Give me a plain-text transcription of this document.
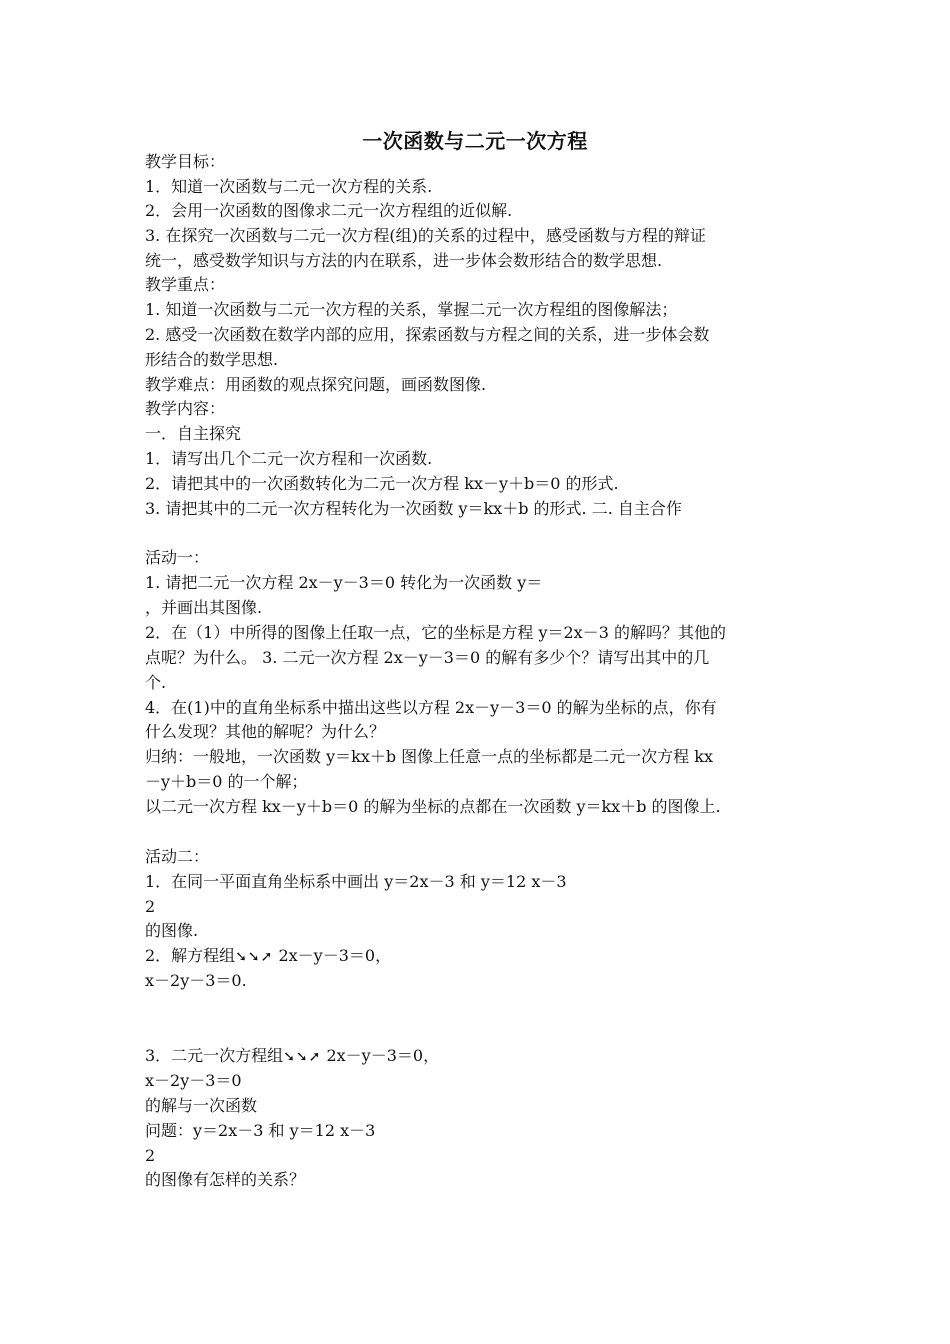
一次函数与二元一次方程
教学目标：
1．知道一次函数与二元一次方程的关系.
2．会用一次函数的图像求二元一次方程组的近似解.
3. 在探究一次函数与二元一次方程(组)的关系的过程中，感受函数与方程的辩证
统一，感受数学知识与方法的内在联系，进一步体会数形结合的数学思想.
教学重点：
1. 知道一次函数与二元一次方程的关系，掌握二元一次方程组的图像解法；
2. 感受一次函数在数学内部的应用，探索函数与方程之间的关系，进一步体会数
形结合的数学思想.
教学难点：用函数的观点探究问题，画函数图像.
教学内容：
一．自主探究
1．请写出几个二元一次方程和一次函数.
2．请把其中的一次函数转化为二元一次方程 kx－y＋b＝0 的形式.
3. 请把其中的二元一次方程转化为一次函数 y＝kx＋b 的形式. 二. 自主合作
活动一：
1. 请把二元一次方程 2x－y－3＝0 转化为一次函数 y＝
，并画出其图像.
2．在（1）中所得的图像上任取一点，它的坐标是方程 y＝2x－3 的解吗？其他的
点呢？为什么。 3. 二元一次方程 2x－y－3＝0 的解有多少个？请写出其中的几
个.
4．在(1)中的直角坐标系中描出这些以方程 2x－y－3＝0 的解为坐标的点，你有
什么发现？其他的解呢？为什么？
归纳：一般地，一次函数 y＝kx＋b 图像上任意一点的坐标都是二元一次方程 kx
－y＋b＝0 的一个解；
以二元一次方程 kx－y＋b＝0 的解为坐标的点都在一次函数 y＝kx＋b 的图像上.
活动二：
1．在同一平面直角坐标系中画出 y＝2x－3 和 y＝12 x－3
2
的图像.
2．解方程组➘➘➚ 2x－y－3＝0，
x－2y－3＝0.
3．二元一次方程组➘➘➚ 2x－y－3＝0，
x－2y－3＝0
的解与一次函数
问题：y＝2x－3 和 y＝12 x－3
2
的图像有怎样的关系？
